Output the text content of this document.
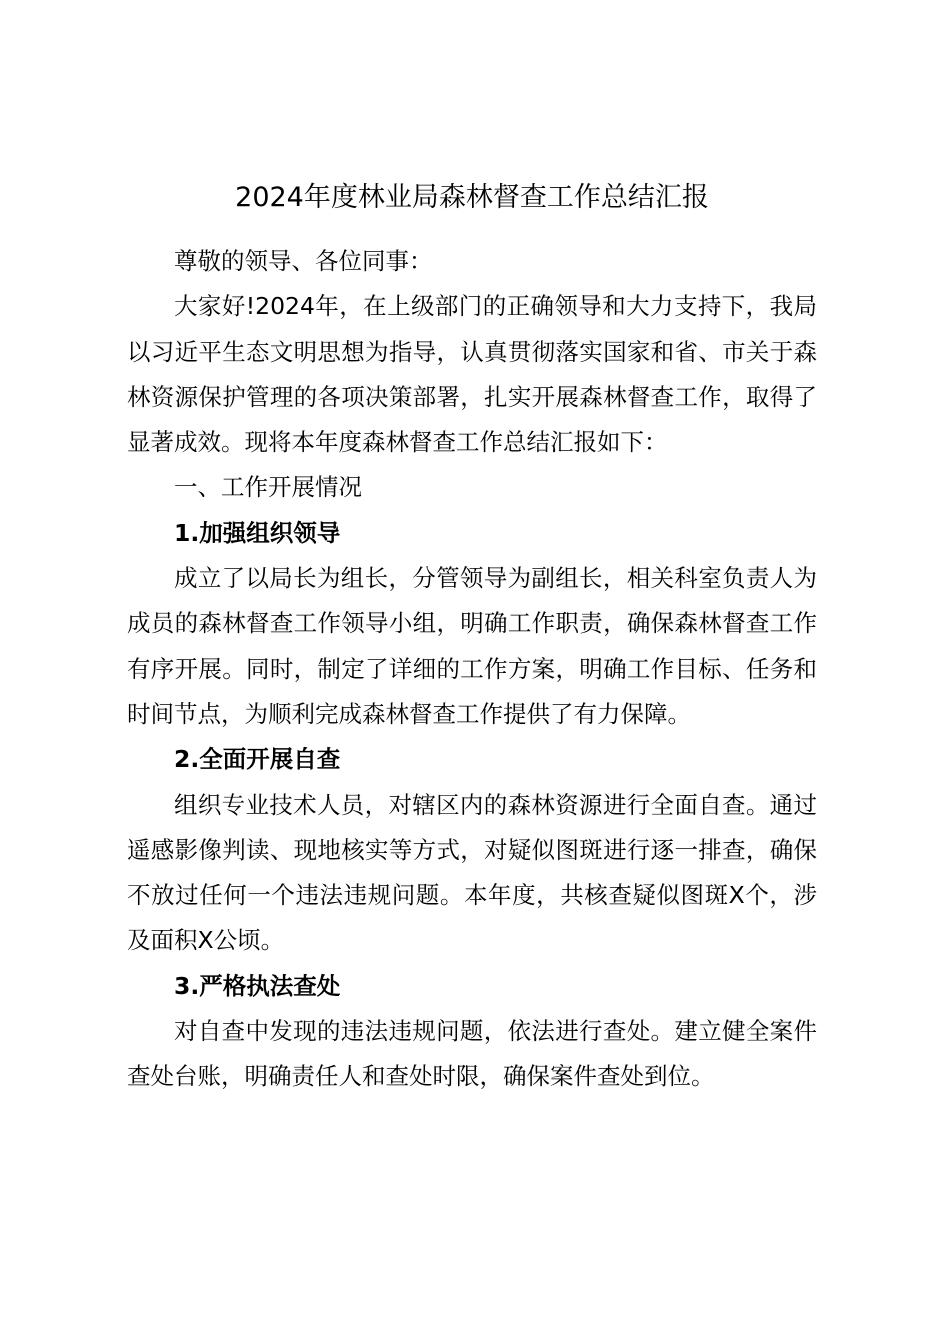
2024年度林业局森林督查工作总结汇报

尊敬的领导、各位同事：

大家好!2024年，在上级部门的正确领导和大力支持下，我局以习近平生态文明思想为指导，认真贯彻落实国家和省、市关于森林资源保护管理的各项决策部署，扎实开展森林督查工作，取得了显著成效。现将本年度森林督查工作总结汇报如下：

一、工作开展情况

1.加强组织领导

成立了以局长为组长，分管领导为副组长，相关科室负责人为成员的森林督查工作领导小组，明确工作职责，确保森林督查工作有序开展。同时，制定了详细的工作方案，明确工作目标、任务和时间节点，为顺利完成森林督查工作提供了有力保障。

2.全面开展自查

组织专业技术人员，对辖区内的森林资源进行全面自查。通过遥感影像判读、现地核实等方式，对疑似图斑进行逐一排查，确保不放过任何一个违法违规问题。本年度，共核查疑似图斑X个，涉及面积X公顷。

3.严格执法查处

对自查中发现的违法违规问题，依法进行查处。建立健全案件查处台账，明确责任人和查处时限，确保案件查处到位。
